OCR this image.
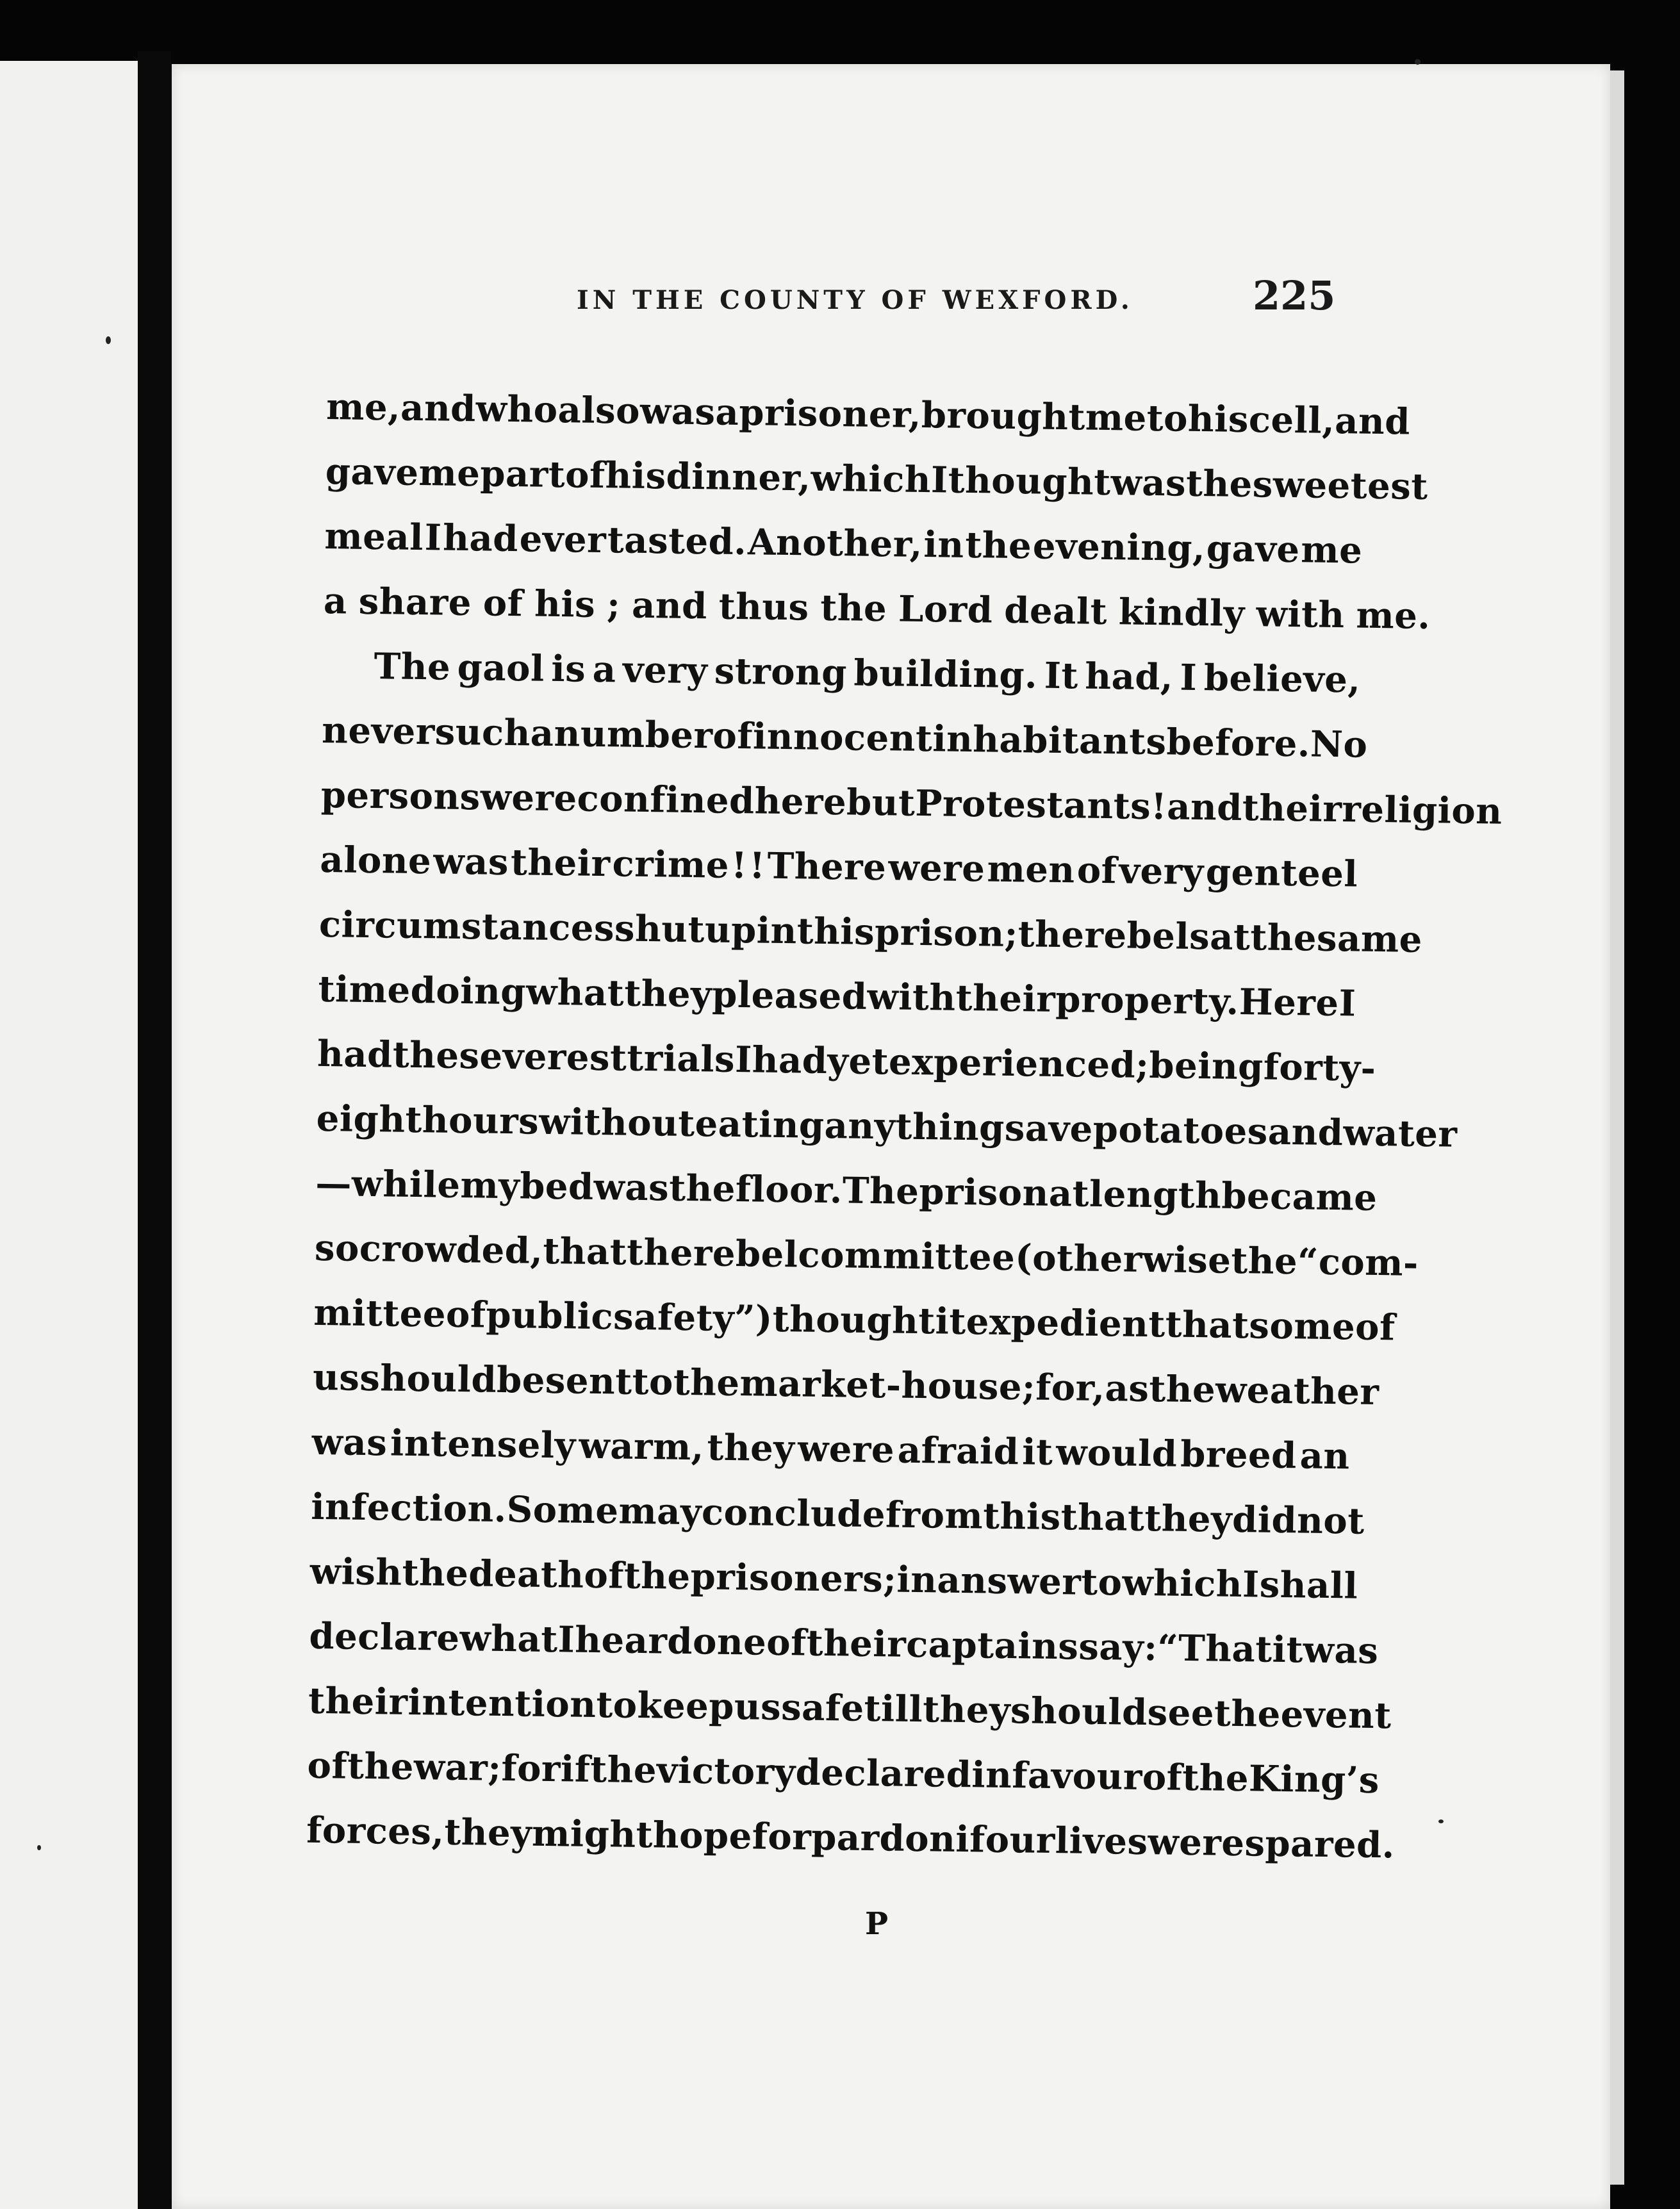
IN THE COUNTY OF WEXFORD.	225
me, and who also was a prisoner, brought me to his cell, and
gave me part of his dinner, which I thought was the sweetest
meal I had ever tasted. Another, in the evening, gave me
a share of his ; and thus the Lord dealt kindly with me.
The gaol is a very strong building. It had, I believe,
never such a number of innocent inhabitants before. No
persons were confined here but Protestants ! and their religion
alone was their crime ! ! There were men of very genteel
circumstances shut up in this prison ; the rebels at the same
time doing what they pleased with their property. Here I
had the severest trials I had yet experienced ; being forty-
eight hours without eating anything save potatoes and water
—while my bed was the floor. The prison at length became
so crowded, that the rebel committee (otherwise the “ com-
mittee of public safety ”) thought it expedient that some of
us should be sent to the market-house ; for, as the weather
was intensely warm, they were afraid it would breed an
infection. Some may conclude from this that they did not
wish the death of the prisoners ; in answer to which I shall
declare what I heard one of their captains say : “ That it was
their intention to keep us safe till they should see the event
of the war ; for if the victory declared in favour of the King’s
forces, they might hope for pardon if our lives were spared.
P
